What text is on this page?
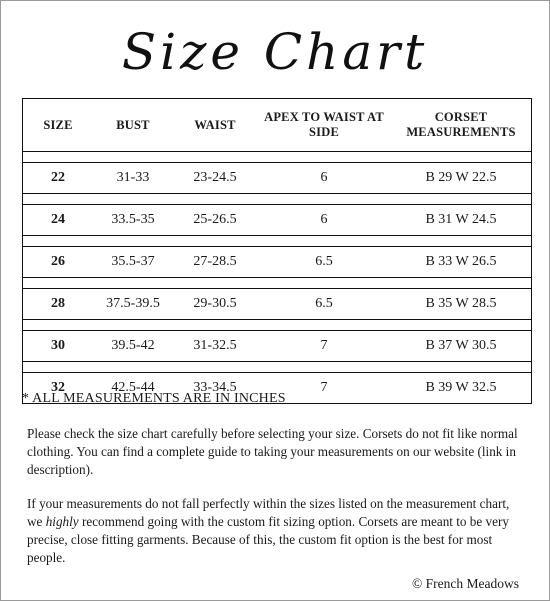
Size Chart
SIZE	BUST	WAIST	APEX TO WAIST AT SIDE	CORSET MEASUREMENTS

22	31-33	23-24.5	6	B 29 W 22.5

24	33.5-35	25-26.5	6	B 31 W 24.5

26	35.5-37	27-28.5	6.5	B 33 W 26.5

28	37.5-39.5	29-30.5	6.5	B 35 W 28.5

30	39.5-42	31-32.5	7	B 37 W 30.5

32	42.5-44	33-34.5	7	B 39 W 32.5
* ALL MEASUREMENTS ARE IN INCHES

Please check the size chart carefully before selecting your size. Corsets do not fit like normal clothing. You can find a complete guide to taking your measurements on our website (link in description).

If your measurements do not fall perfectly within the sizes listed on the measurement chart, we highly recommend going with the custom fit sizing option. Corsets are meant to be very precise, close fitting garments. Because of this, the custom fit option is the best for most people.

© French Meadows
